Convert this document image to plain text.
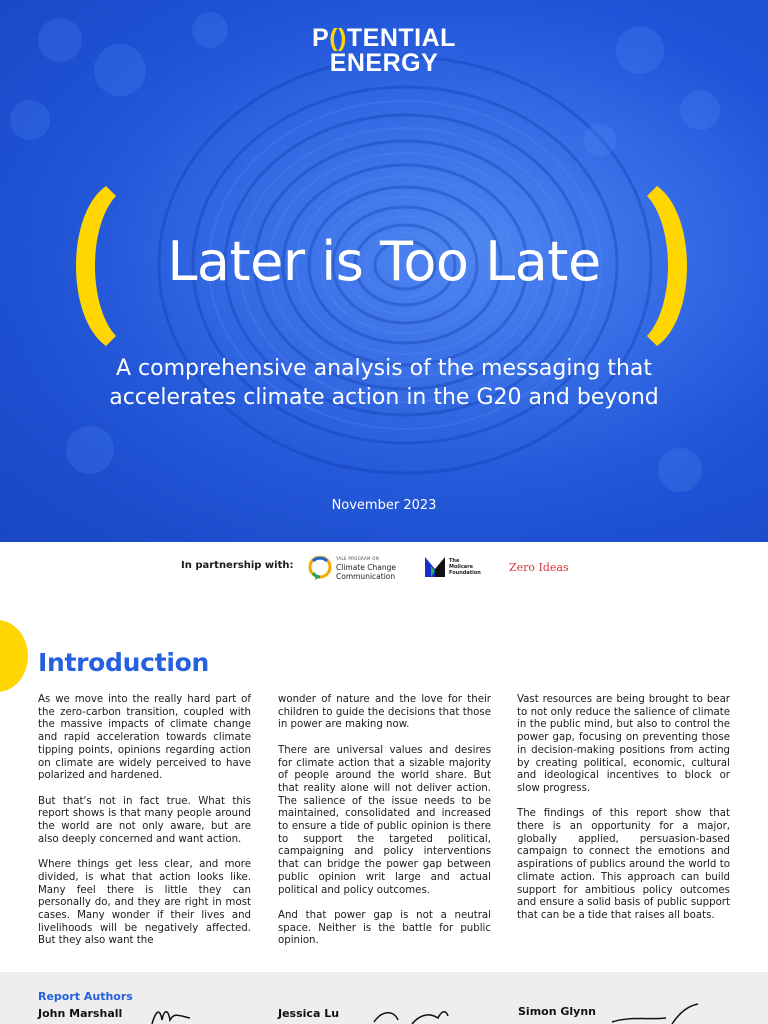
P()TENTIAL
ENERGY
Later is Too Late
A comprehensive analysis of the messaging that
accelerates climate action in the G20 and beyond
November 2023
In partnership with:
YALE PROGRAM ON
Climate Change
Communication
The
Molicare
Foundation	Zero Ideas
Introduction

As we move into the really hard part of the zero-carbon transition, coupled with the massive impacts of climate change and rapid acceleration towards climate tipping points, opinions regarding action on climate are widely perceived to have polarized and hardened.

But that's not in fact true. What this report shows is that many people around the world are not only aware, but are also deeply concerned and want action.

Where things get less clear, and more divided, is what that action looks like. Many feel there is little they can personally do, and they are right in most cases. Many wonder if their lives and livelihoods will be negatively affected. But they also want the

wonder of nature and the love for their children to guide the decisions that those in power are making now.

There are universal values and desires for climate action that a sizable majority of people around the world share. But that reality alone will not deliver action. The salience of the issue needs to be maintained, consolidated and increased to ensure a tide of public opinion is there to support the targeted political, campaigning and policy interventions that can bridge the power gap between public opinion writ large and actual political and policy outcomes.

And that power gap is not a neutral space. Neither is the battle for public opinion.

Vast resources are being brought to bear to not only reduce the salience of climate in the public mind, but also to control the power gap, focusing on preventing those in decision-making positions from acting by creating political, economic, cultural and ideological incentives to block or slow progress.

The findings of this report show that there is an opportunity for a major, globally applied, persuasion-based campaign to connect the emotions and aspirations of publics around the world to climate action. This approach can build support for ambitious policy outcomes and ensure a solid basis of public support that can be a tide that raises all boats.

Report Authors
John Marshall	Jessica Lu	Simon Glynn
